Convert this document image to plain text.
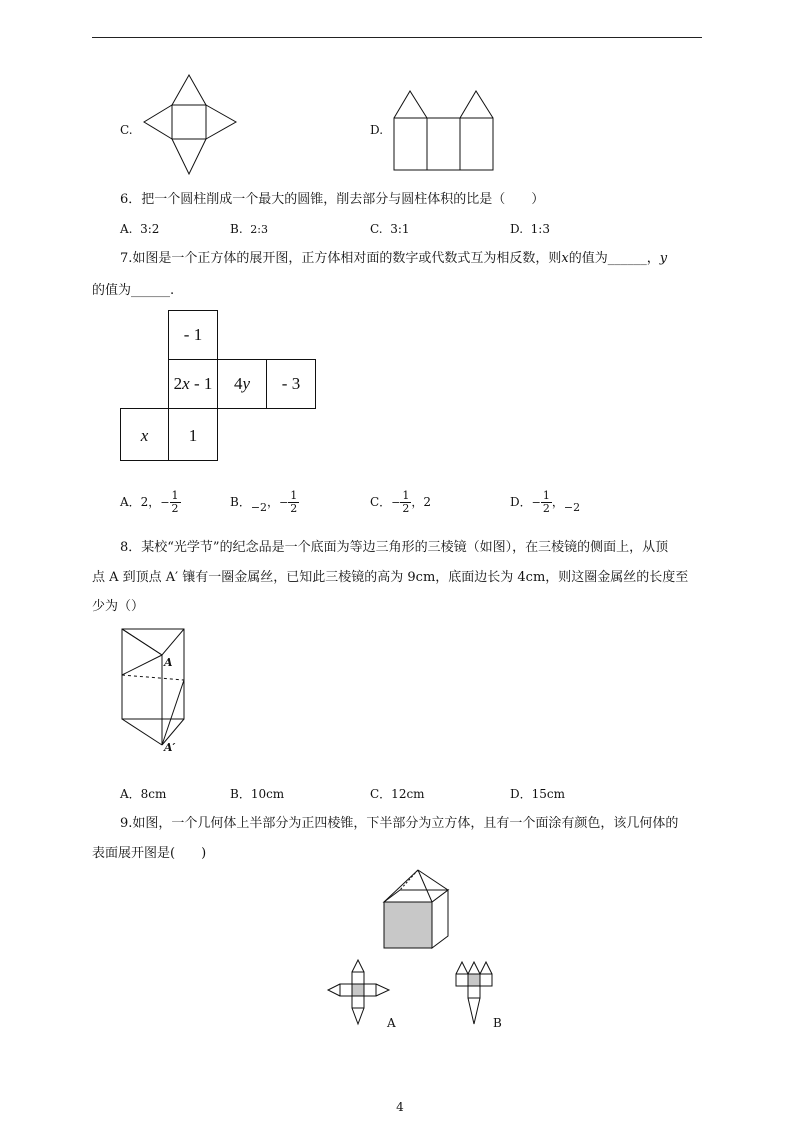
C.	D.
6．把一个圆柱削成一个最大的圆锥，削去部分与圆柱体积的比是（　　）
A. 3:2	B. 2:3	C. 3:1	D. 1:3
7.如图是一个正方体的展开图，正方体相对面的数字或代数式互为相反数，则x的值为______，y
的值为______.
- 1
2x - 1	4y	- 3
x	1
A．2，− $\frac{1}{2}$	B．−2，− $\frac{1}{2}$	C．− $\frac{1}{2}$ ，2	D．− $\frac{1}{2}$ ，−2
8．某校“光学节”的纪念品是一个底面为等边三角形的三棱镜（如图），在三棱镜的侧面上，从顶
点 A 到顶点 A′ 镶有一圈金属丝，已知此三棱镜的高为 9cm，底面边长为 4cm，则这圈金属丝的长度至
少为（）
A
A′
A．8cm	B．10cm	C．12cm	D．15cm
9.如图，一个几何体上半部分为正四棱锥，下半部分为立方体，且有一个面涂有颜色，该几何体的
表面展开图是(　　)
A	B
4
